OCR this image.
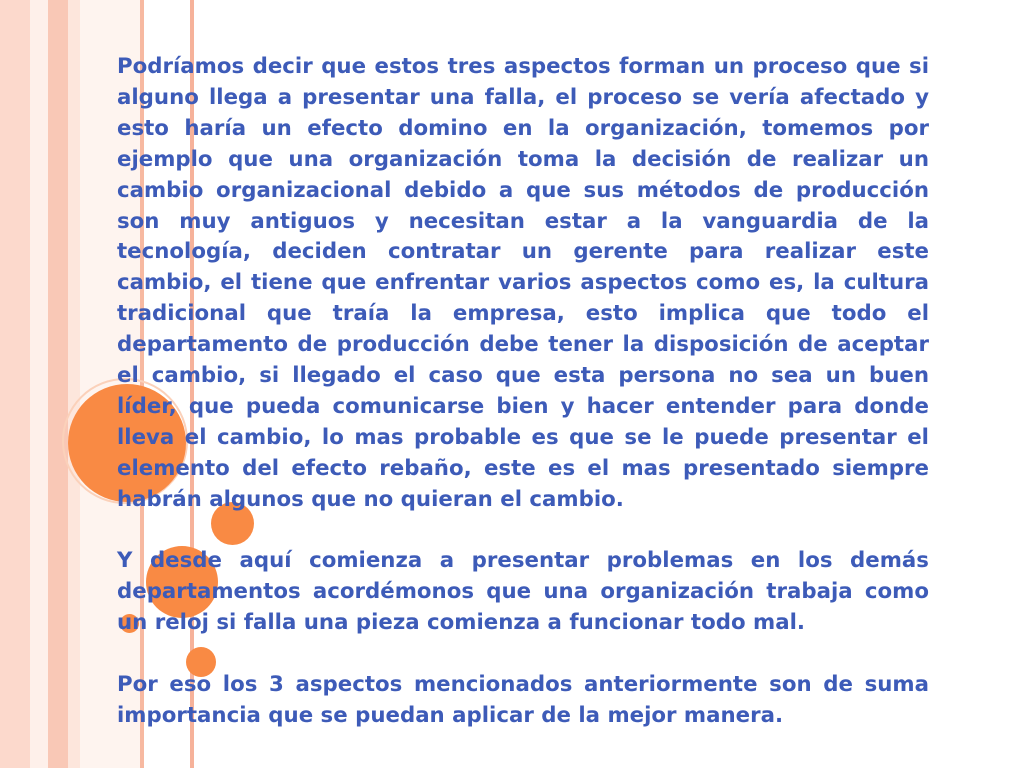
Podríamos decir que estos tres aspectos forman un proceso que si alguno llega a presentar una falla, el proceso se vería afectado y esto haría un efecto domino en la organización, tomemos por ejemplo que una organización toma la decisión de realizar un cambio organizacional debido a que sus métodos de producción son muy antiguos y necesitan estar a la vanguardia de la tecnología, deciden contratar un gerente para realizar este cambio, el tiene que enfrentar varios aspectos como es, la cultura tradicional que traía la empresa, esto implica que todo el departamento de producción debe tener la disposición de aceptar el cambio, si llegado el caso que esta persona no sea un buen líder, que pueda comunicarse bien y hacer entender para donde lleva el cambio, lo mas probable es que se le puede presentar el elemento del efecto rebaño, este es el mas presentado siempre habrán algunos que no quieran el cambio.

Y desde aquí comienza a presentar problemas en los demás departamentos acordémonos que una organización trabaja como un reloj si falla una pieza comienza a funcionar todo mal.

Por eso los 3 aspectos mencionados anteriormente son de suma importancia que se puedan aplicar de la mejor manera.
